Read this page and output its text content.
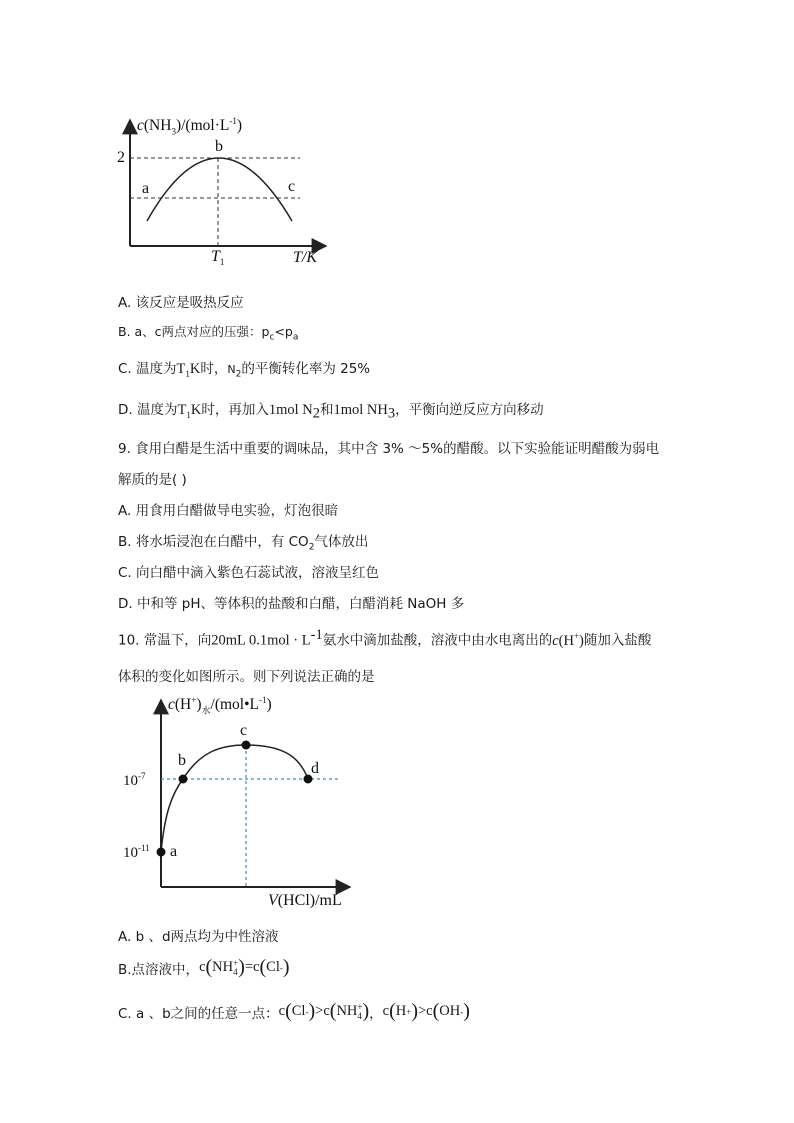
$c(NH_3)/(mol\cdot L^{-1})$
2
a
b
c
$T_1$	T/K
A. 该反应是吸热反应
B. a、c两点对应的压强：$p_c<p_a$
C. 温度为$T_1K$时，$N_2$的平衡转化率为 25%
D. 温度为$T_1K$时，再加入1mol $N_2$和1mol $NH_3$，平衡向逆反应方向移动
9. 食用白醋是生活中重要的调味品，其中含 3% ～5%的醋酸。以下实验能证明醋酸为弱电
解质的是( )
A. 用食用白醋做导电实验，灯泡很暗
B. 将水垢浸泡在白醋中，有 $CO_2$气体放出
C. 向白醋中滴入紫色石蕊试液，溶液呈红色
D. 中和等 pH、等体积的盐酸和白醋，白醋消耗 NaOH 多
10. 常温下，向20mL $0.1mol \cdot L^{-1}$氨水中滴加盐酸，溶液中由水电离出的c(H+)随加入盐酸
体积的变化如图所示。则下列说法正确的是
$c(H^+)_水/(mol•L^{-1})$
c
b	d
$10^{-7}$
$10^{-11}$ a
V(HCl)/mL
A. b 、d两点均为中性溶液
B.点溶液中， c ( NH +
4 ) =c ( Cl - )
C. a 、b之间的任意一点： c ( Cl - ) >c ( NH +
4 ) ， c ( H + ) >c ( OH - )
